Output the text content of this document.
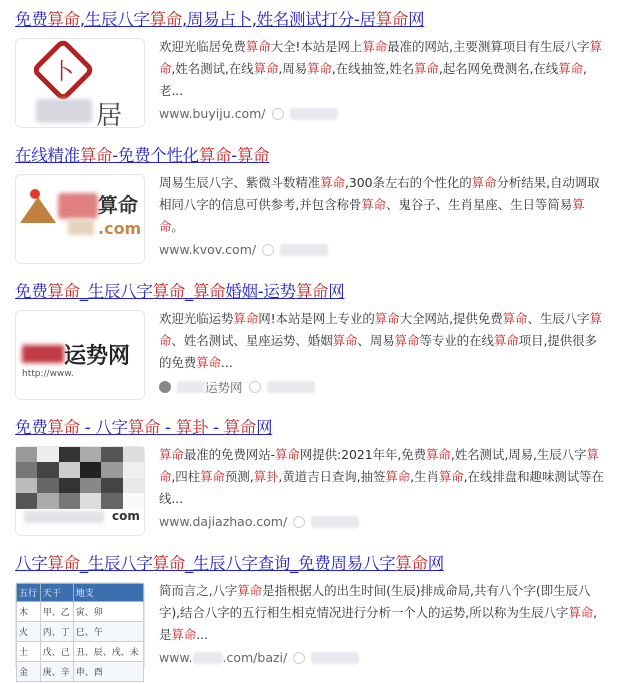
免费算命,生辰八字算命,周易占卜,姓名测试打分-居算命网
卜
居
欢迎光临居免费算命大全!本站是网上算命最准的网站,主要测算项目有生辰八字算命,姓名测试,在线算命,周易算命,在线抽签,姓名算命,起名网免费测名,在线算命,老...
www.buyiju.com/
在线精准算命-免费个性化算命-算命
算命
.com
周易生辰八字、紫微斗数精准算命,300条左右的个性化的算命分析结果,自动调取相同八字的信息可供参考,并包含称骨算命、鬼谷子、生肖星座、生日等简易算命。
www.kvov.com/
免费算命_生辰八字算命_算命婚姻-运势算命网
运势网
http://www.
欢迎光临运势算命网!本站是网上专业的算命大全网站,提供免费算命、生辰八字算命、姓名测试、星座运势、婚姻算命、周易算命等专业的在线算命项目,提供很多的免费算命...
运势网
免费算命 - 八字算命 - 算卦 - 算命网
com
算命最准的免费网站-算命网提供:2021年年,免费算命,姓名测试,周易,生辰八字算命,四柱算命预测,算卦,黄道吉日查询,抽签算命,生肖算命,在线排盘和趣味测试等在线...
www.dajiazhao.com/
八字算命_生辰八字算命_生辰八字查询_免费周易八字算命网
五行	天干	地支
木	甲、乙	寅、卯
火	丙、丁	巳、午
土	戊、己	丑、辰、戌、未
金	庚、辛	申、酉
简而言之,八字算命是指根据人的出生时间(生辰)排成命局,共有八个字(即生辰八字),结合八字的五行相生相克情况进行分析一个人的运势,所以称为生辰八字算命,是算命...
www. .com/bazi/
